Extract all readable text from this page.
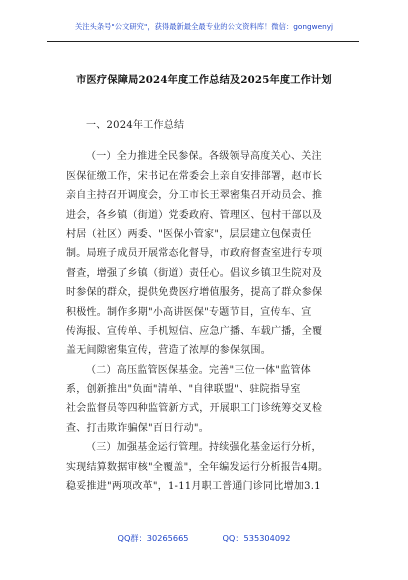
关注头条号"公文研究"，获得最新最全最专业的公文资料库！微信：gongwenyj
市医疗保障局2024年度工作总结及2025年度工作计划
一、2024年工作总结
（一）全力推进全民参保。各级领导高度关心、关注
医保征缴工作，宋书记在常委会上亲自安排部署，赵市长
亲自主持召开调度会，分工市长王翠密集召开动员会、推
进会，各乡镇（街道）党委政府、管理区、包村干部以及
村居（社区）两委、"医保小管家"，层层建立包保责任
制。局班子成员开展常态化督导，市政府督查室进行专项
督查，增强了乡镇（街道）责任心。倡议乡镇卫生院对及
时参保的群众，提供免费医疗增值服务，提高了群众参保
积极性。制作多期"小高讲医保"专题节目，宣传车、宣
传海报、宣传单、手机短信、应急广播、车载广播，全覆
盖无间隙密集宣传，营造了浓厚的参保氛围。
（二）高压监管医保基金。完善"三位一体"监管体
系，创新推出"负面"清单、"自律联盟"、驻院指导室
社会监督员等四种监管新方式，开展职工门诊统筹交叉检
查、打击欺诈骗保"百日行动"。
（三）加强基金运行管理。持续强化基金运行分析，
实现结算数据审核"全覆盖"，全年编发运行分析报告4期。
稳妥推进"两项改革"，1-11月职工普通门诊同比增加3.1
QQ群：30265665	QQ：535304092
